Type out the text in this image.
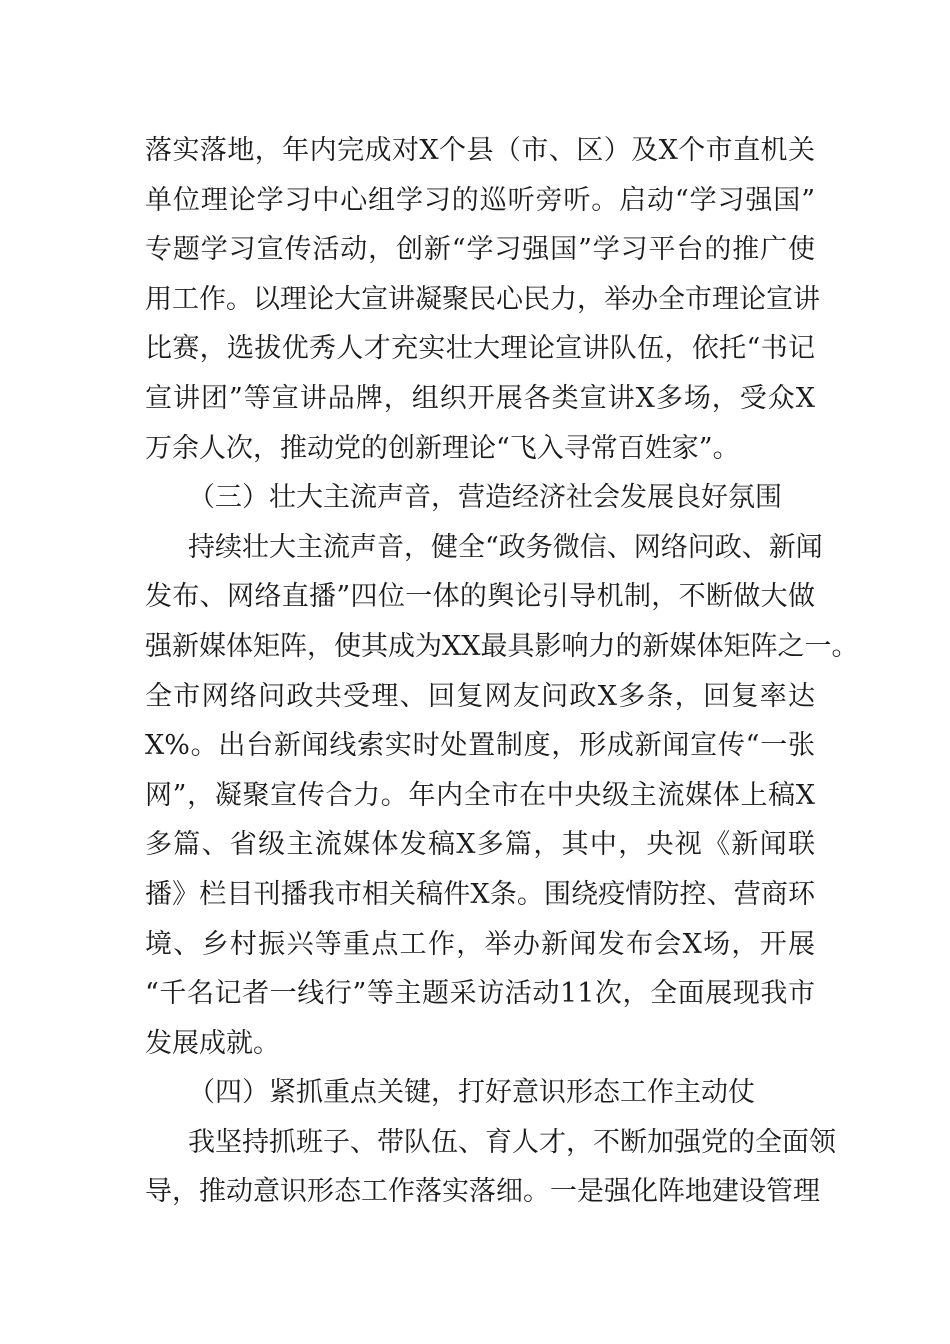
落实落地，年内完成对X个县（市、区）及X个市直机关
单位理论学习中心组学习的巡听旁听。启动“学习强国”
专题学习宣传活动，创新“学习强国”学习平台的推广使
用工作。以理论大宣讲凝聚民心民力，举办全市理论宣讲
比赛，选拔优秀人才充实壮大理论宣讲队伍，依托“书记
宣讲团”等宣讲品牌，组织开展各类宣讲X多场，受众X
万余人次，推动党的创新理论“飞入寻常百姓家”。
（三）壮大主流声音，营造经济社会发展良好氛围
持续壮大主流声音，健全“政务微信、网络问政、新闻
发布、网络直播”四位一体的舆论引导机制，不断做大做
强新媒体矩阵，使其成为XX最具影响力的新媒体矩阵之一。
全市网络问政共受理、回复网友问政X多条，回复率达
X%。出台新闻线索实时处置制度，形成新闻宣传“一张
网”，凝聚宣传合力。年内全市在中央级主流媒体上稿X
多篇、省级主流媒体发稿X多篇，其中，央视《新闻联
播》栏目刊播我市相关稿件X条。围绕疫情防控、营商环
境、乡村振兴等重点工作，举办新闻发布会X场，开展
“千名记者一线行”等主题采访活动11次，全面展现我市
发展成就。
（四）紧抓重点关键，打好意识形态工作主动仗
我坚持抓班子、带队伍、育人才，不断加强党的全面领
导，推动意识形态工作落实落细。一是强化阵地建设管理
